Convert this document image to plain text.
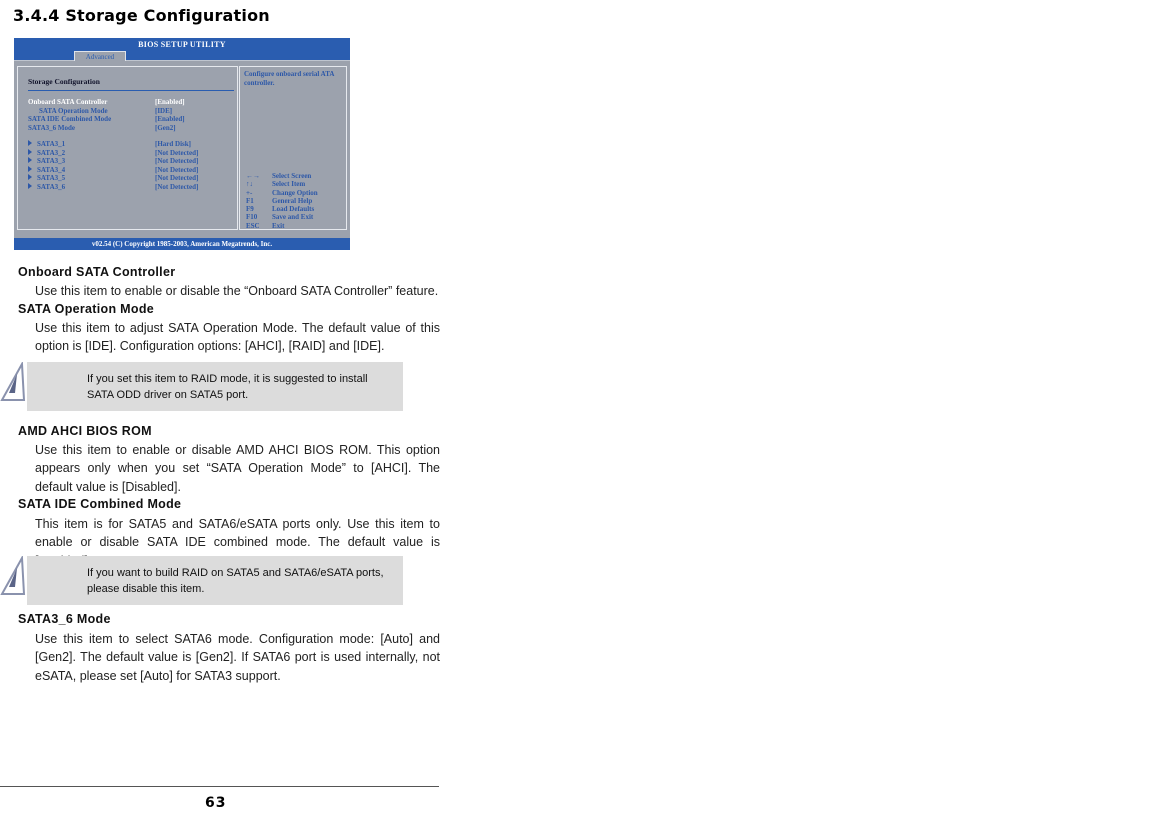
3.4.4 Storage Configuration
BIOS SETUP UTILITY
Advanced
Storage Configuration
Onboard SATA Controller	[Enabled]
SATA Operation Mode	[IDE]
SATA IDE Combined Mode	[Enabled]
SATA3_6 Mode	[Gen2]
SATA3_1	[Hard Disk]
SATA3_2	[Not Detected]
SATA3_3	[Not Detected]
SATA3_4	[Not Detected]
SATA3_5	[Not Detected]
SATA3_6	[Not Detected]
Configure onboard serial ATA controller.
←→ Select Screen
↑↓	Select Item
+-	Change Option
F1	General Help
F9	Load Defaults
F10 Save and Exit
ESC Exit
v02.54 (C) Copyright 1985-2003, American Megatrends, Inc.
Onboard SATA Controller
Use this item to enable or disable the “Onboard SATA Controller” feature.
SATA Operation Mode
Use this item to adjust SATA Operation Mode. The default value of this option is [IDE]. Configuration options: [AHCI], [RAID] and [IDE].
If you set this item to RAID mode, it is suggested to install SATA ODD driver on SATA5 port.
AMD AHCI BIOS ROM
Use this item to enable or disable AMD AHCI BIOS ROM. This option appears only when you set “SATA Operation Mode” to [AHCI]. The default value is [Disabled].
SATA IDE Combined Mode
This item is for SATA5 and SATA6/eSATA ports only. Use this item to enable or disable SATA IDE combined mode. The default value is
If you want to build RAID on SATA5 and SATA6/eSATA ports, please disable this item.
SATA3_6 Mode
Use this item to select SATA6 mode. Configuration mode: [Auto] and [Gen2]. The default value is [Gen2]. If SATA6 port is used internally, not eSATA, please set [Auto] for SATA3 support.
63
